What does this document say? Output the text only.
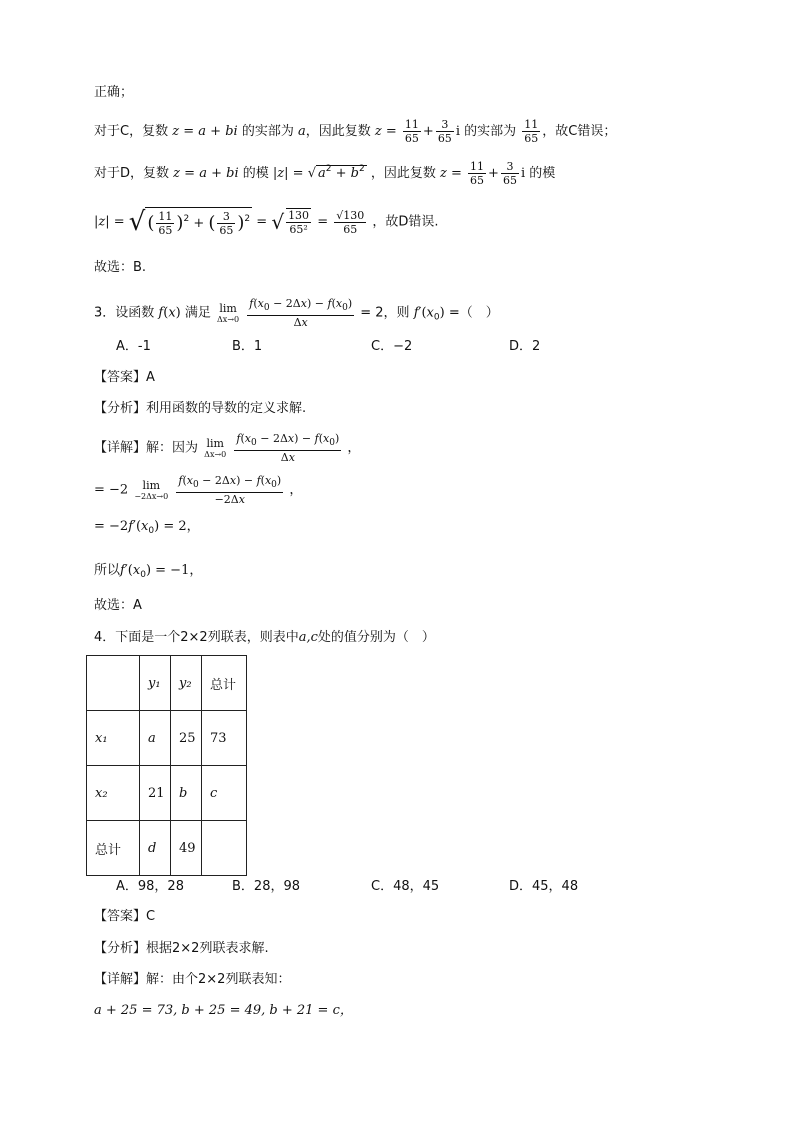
正确；
对于C，复数 z = a + bi 的实部为 a，因此复数 $z = \frac{11}{65} + \frac{3}{65}$ i 的实部为 $\frac{11}{65}$ ，故C错误；
对于D，复数 z = a + bi 的模 |z| = √ $a^2 + b^2$ ，因此复数 $z = \frac{11}{65} + \frac{3}{65}$ i 的模
|z| = √ ( $\frac{11}{65} )^2$ + ( $\frac{3}{65} )^2$ = √ $\frac{130}{\text{65²}} = \frac{√130}{65}$ ，故D错误.
故选：B.
3．设函数 f(x) 满足 lim
Δx→0
$\frac{f(x_0 - 2\Delta x) - f(x_0)}{\Delta x} = 2$，则 $f'(x_0)$ =（　）
A．-1	B．1	C．−2	D．2
【答案】A
【分析】利用函数的导数的定义求解.
【详解】解：因为 lim
Δx→0
$\frac{f(x_0 - 2\Delta x) - f(x_0)}{\Delta x}$ ，
= −2	lim
−2Δx→0
$\frac{f(x_0 - 2\Delta x) - f(x_0)}{-2\Delta x}$ ，
= $-2f'(x_0) = 2$，
所以$f'(x_0) = -1$，
故选：A
4．下面是一个2×2列联表，则表中a,c处的值分别为（　）
	y₁	y₂	总计
x₁	a	25	73
x₂	21	b	c
总计	d	49	
A．98，28	B．28，98	C．48，45	D．45，48
【答案】C
【分析】根据2×2列联表求解.
【详解】解：由个2×2列联表知：
a + 25 = 73, b + 25 = 49, b + 21 = c，
